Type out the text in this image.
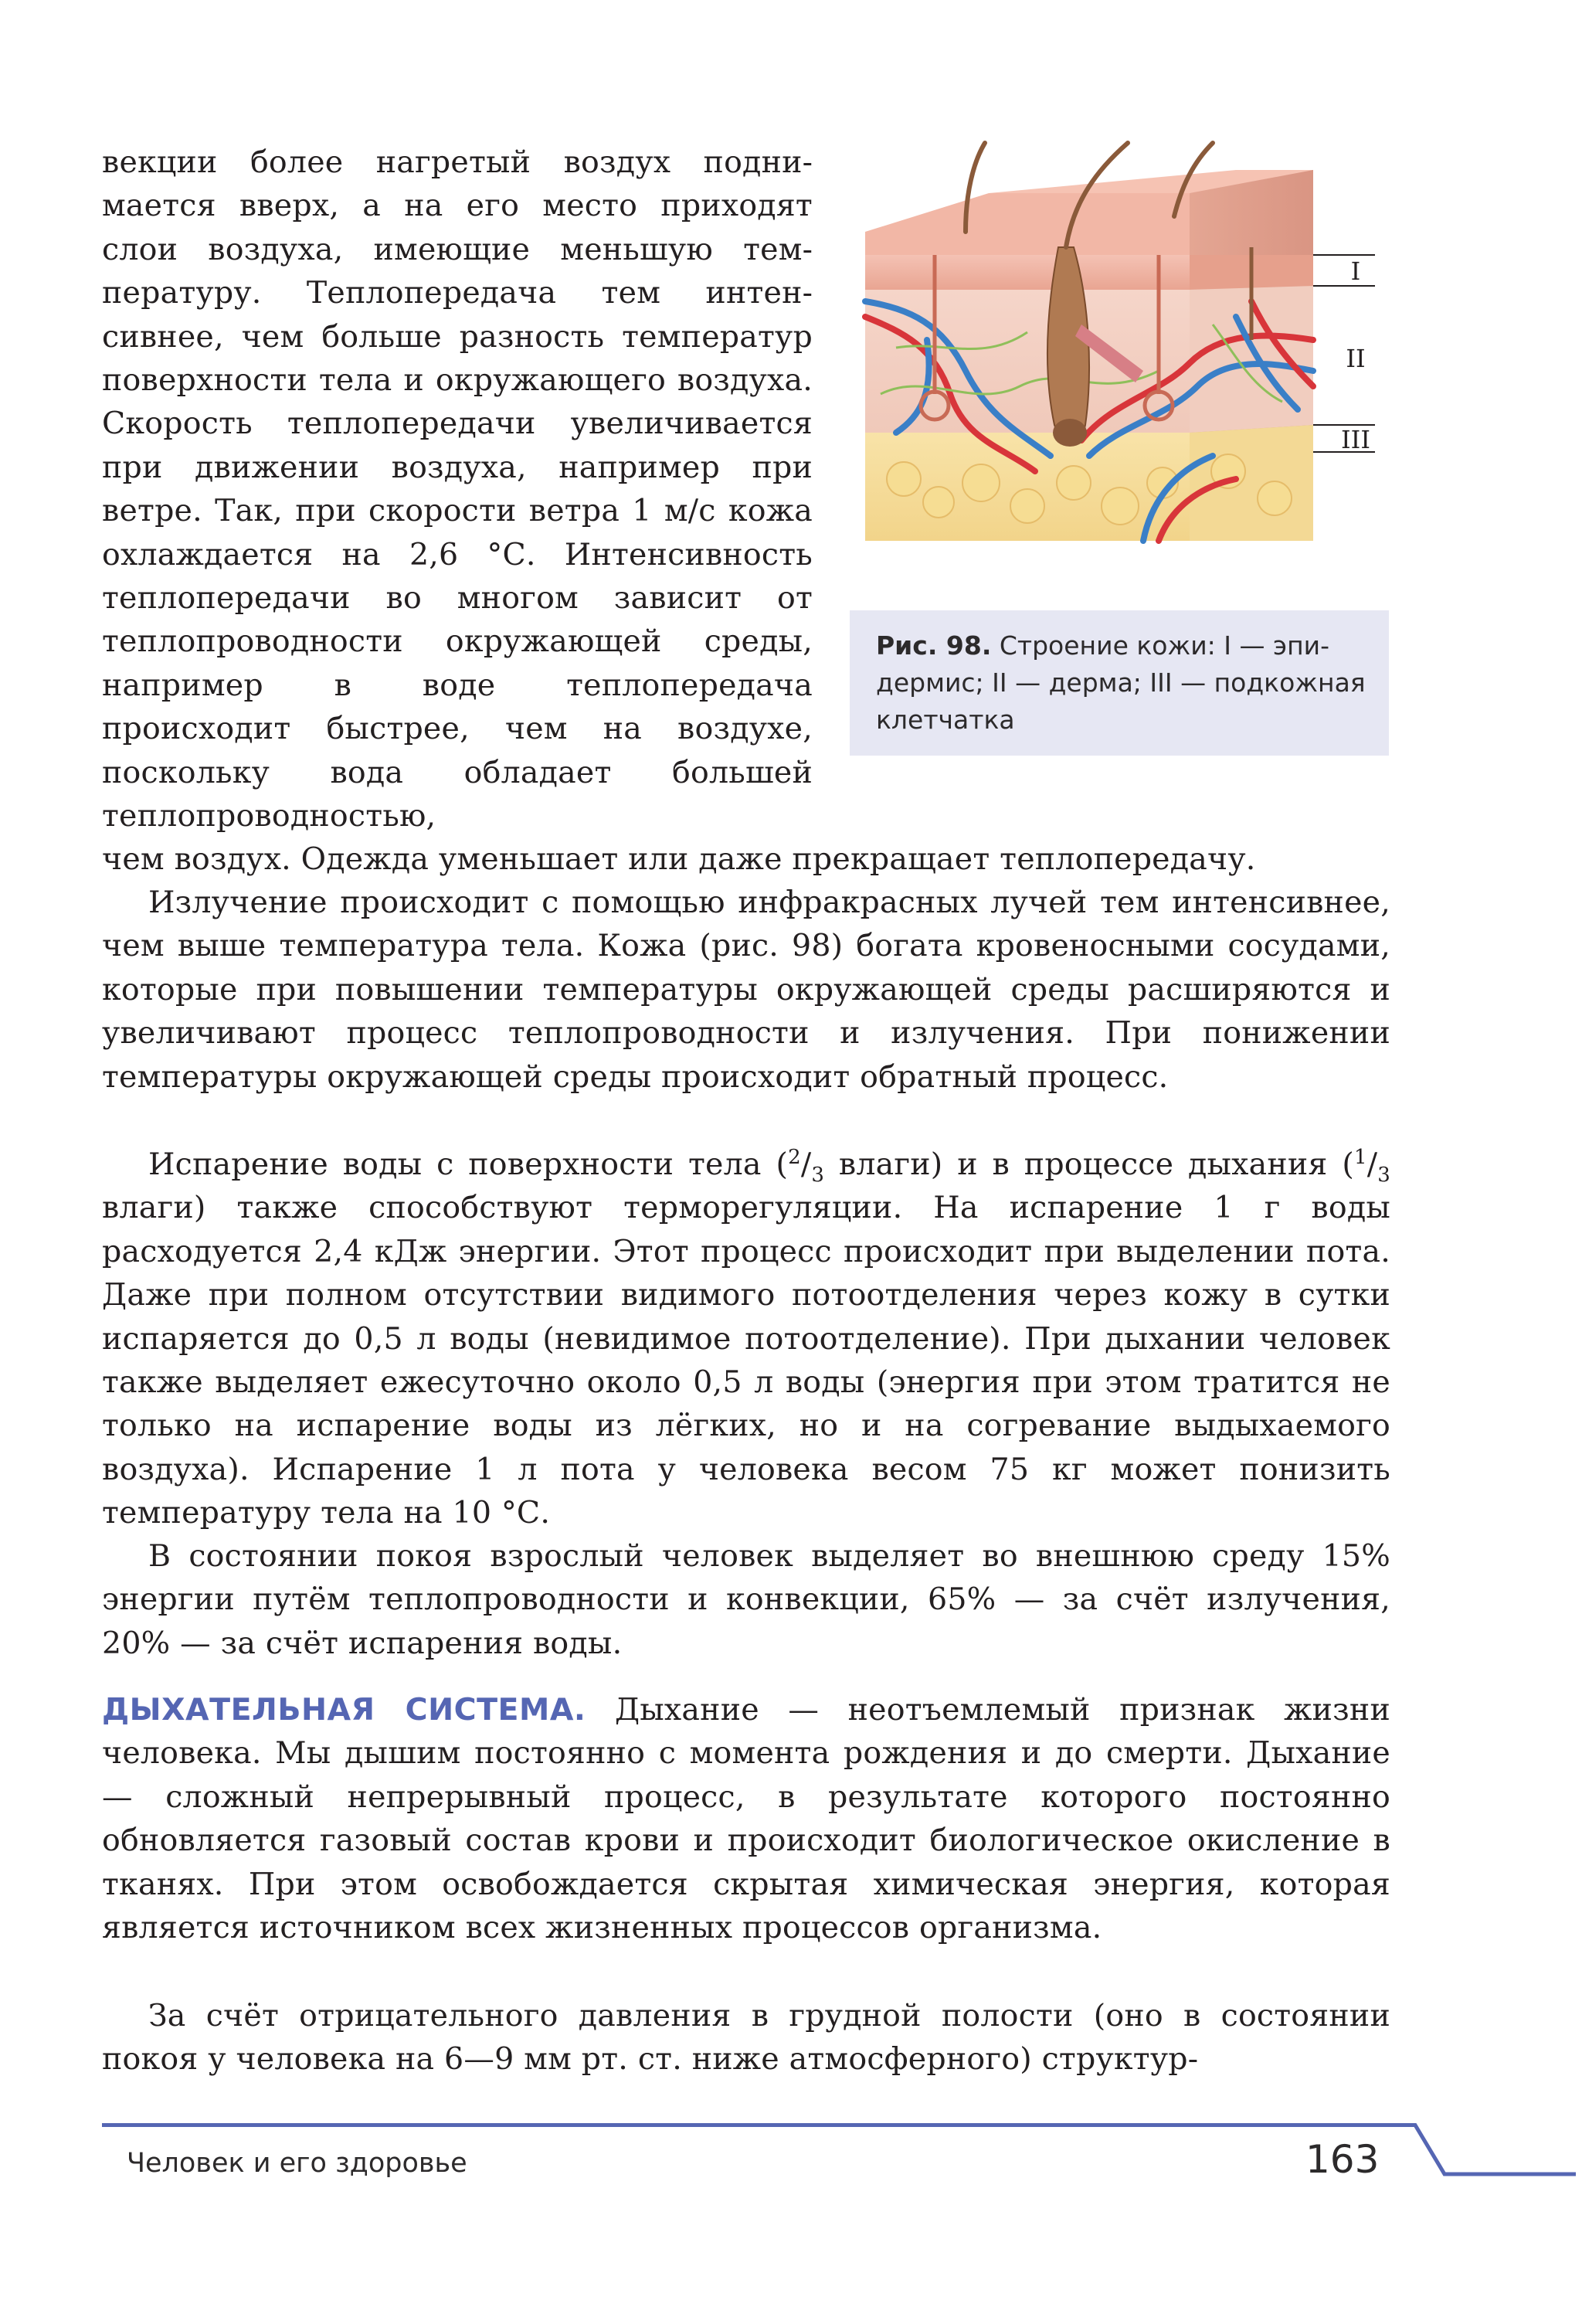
векции более нагретый воздух поднимается вверх, а на его место приходят слои воздуха, имеющие меньшую температуру. Теплопередача тем интенсивнее, чем больше разность температур поверхности тела и окружающего воздуха. Скорость теплопередачи увеличивается при движении воздуха, например при ветре. Так, при скорости ветра 1 м/с кожа охлаждается на 2,6 °С. Интенсивность теплопередачи во многом зависит от теплопроводности окружающей среды, например в воде теплопередача происходит быстрее, чем на воздухе, поскольку вода обладает большей теплопроводностью,

чем воздух. Одежда уменьшает или даже прекращает теплопередачу.

Излучение происходит с помощью инфракрасных лучей тем интенсивнее, чем выше температура тела. Кожа (рис. 98) богата кровеносными сосудами, которые при повышении температуры окружающей среды расширяются и увеличивают процесс теплопроводности и излучения. При понижении температуры окружающей среды происходит обратный процесс.

Испарение воды с поверхности тела ($^2/_3$ влаги) и в процессе дыхания ($^1/_3$ влаги) также способствуют терморегуляции. На испарение 1 г воды расходуется 2,4 кДж энергии. Этот процесс происходит при выделении пота. Даже при полном отсутствии видимого потоотделения через кожу в сутки испаряется до 0,5 л воды (невидимое потоотделение). При дыхании человек также выделяет ежесуточно около 0,5 л воды (энергия при этом тратится не только на испарение воды из лёгких, но и на согревание выдыхаемого воздуха). Испарение 1 л пота у человека весом 75 кг может понизить температуру тела на 10 °С.

В состоянии покоя взрослый человек выделяет во внешнюю среду 15% энергии путём теплопроводности и конвекции, 65% — за счёт излучения, 20% — за счёт испарения воды.

ДЫХАТЕЛЬНАЯ СИСТЕМА. Дыхание — неотъемлемый признак жизни человека. Мы дышим постоянно с момента рождения и до смерти. Дыхание — сложный непрерывный процесс, в результате которого постоянно обновляется газовый состав крови и происходит биологическое окисление в тканях. При этом освобождается скрытая химическая энергия, которая является источником всех жизненных процессов организма.

За счёт отрицательного давления в грудной полости (оно в состоянии покоя у человека на 6—9 мм рт. ст. ниже атмосферного) структур-

I
II
III
Рис. 98. Строение кожи: I — эпидермис; II — дерма; III — подкожная клетчатка
Человек и его здоровье	163
